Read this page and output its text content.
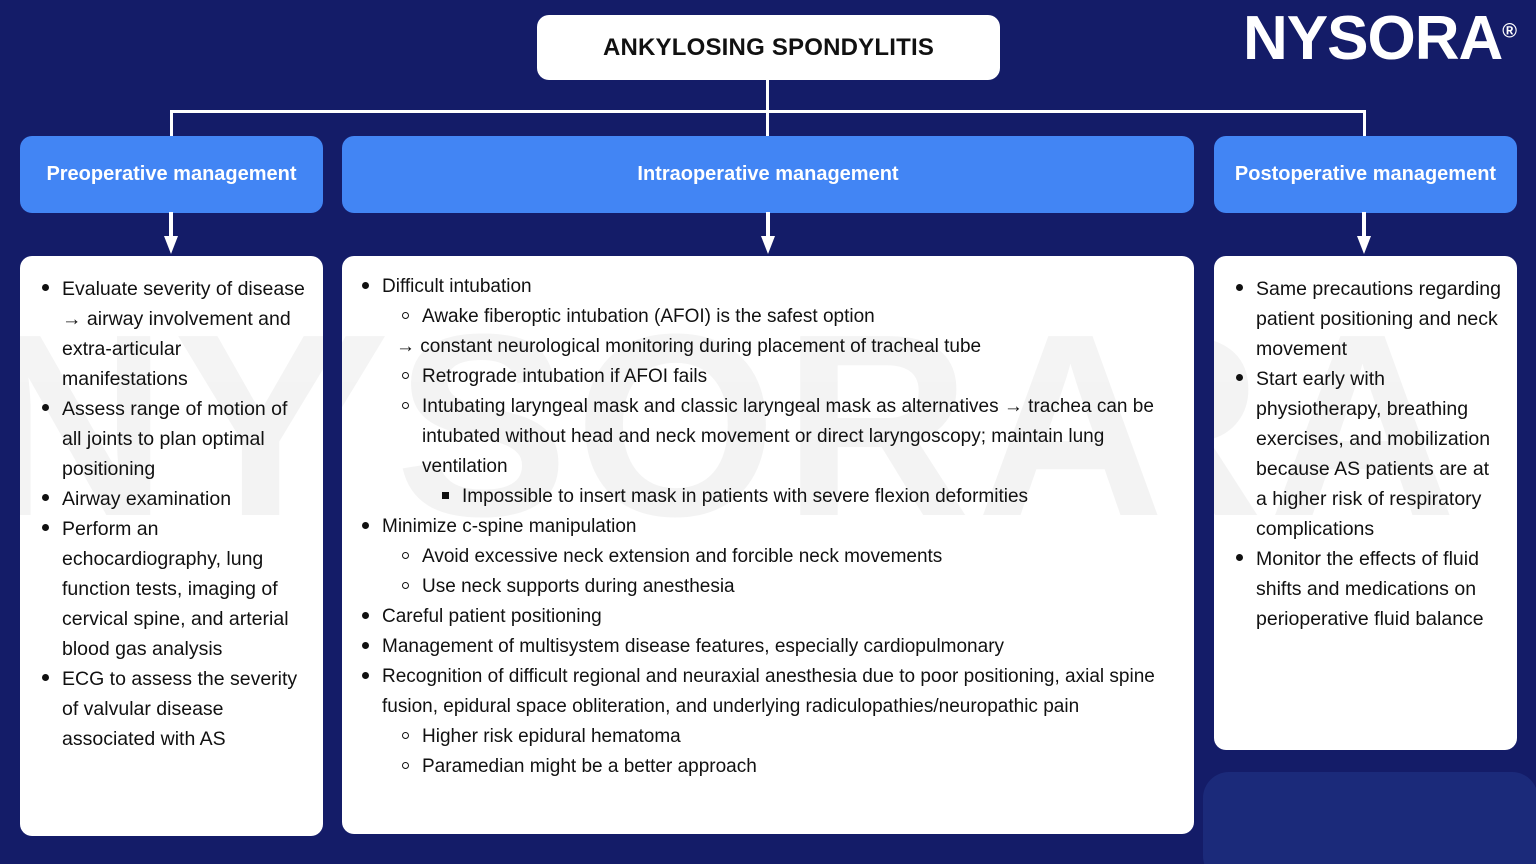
NYSORA®
ANKYLOSING SPONDYLITIS
Preoperative management	Intraoperative management	Postoperative management
Evaluate severity of disease → airway involvement and extra-articular manifestations
Assess range of motion of all joints to plan optimal positioning
Airway examination
Perform an echocardiography, lung function tests, imaging of cervical spine, and arterial blood gas analysis
ECG to assess the severity of valvular disease associated with AS
Difficult intubation
Awake fiberoptic intubation (AFOI) is the safest option
→ constant neurological monitoring during placement of tracheal tube
Retrograde intubation if AFOI fails
Intubating laryngeal mask and classic laryngeal mask as alternatives → trachea can be intubated without head and neck movement or direct laryngoscopy; maintain lung ventilation
Impossible to insert mask in patients with severe flexion deformities
Minimize c-spine manipulation
Avoid excessive neck extension and forcible neck movements
Use neck supports during anesthesia
Careful patient positioning
Management of multisystem disease features, especially cardiopulmonary
Recognition of difficult regional and neuraxial anesthesia due to poor positioning, axial spine fusion, epidural space obliteration, and underlying radiculopathies/neuropathic pain
Higher risk epidural hematoma
Paramedian might be a better approach
Same precautions regarding patient positioning and neck movement
Start early with physiotherapy, breathing exercises, and mobilization because AS patients are at a higher risk of respiratory complications
Monitor the effects of fluid shifts and medications on perioperative fluid balance
